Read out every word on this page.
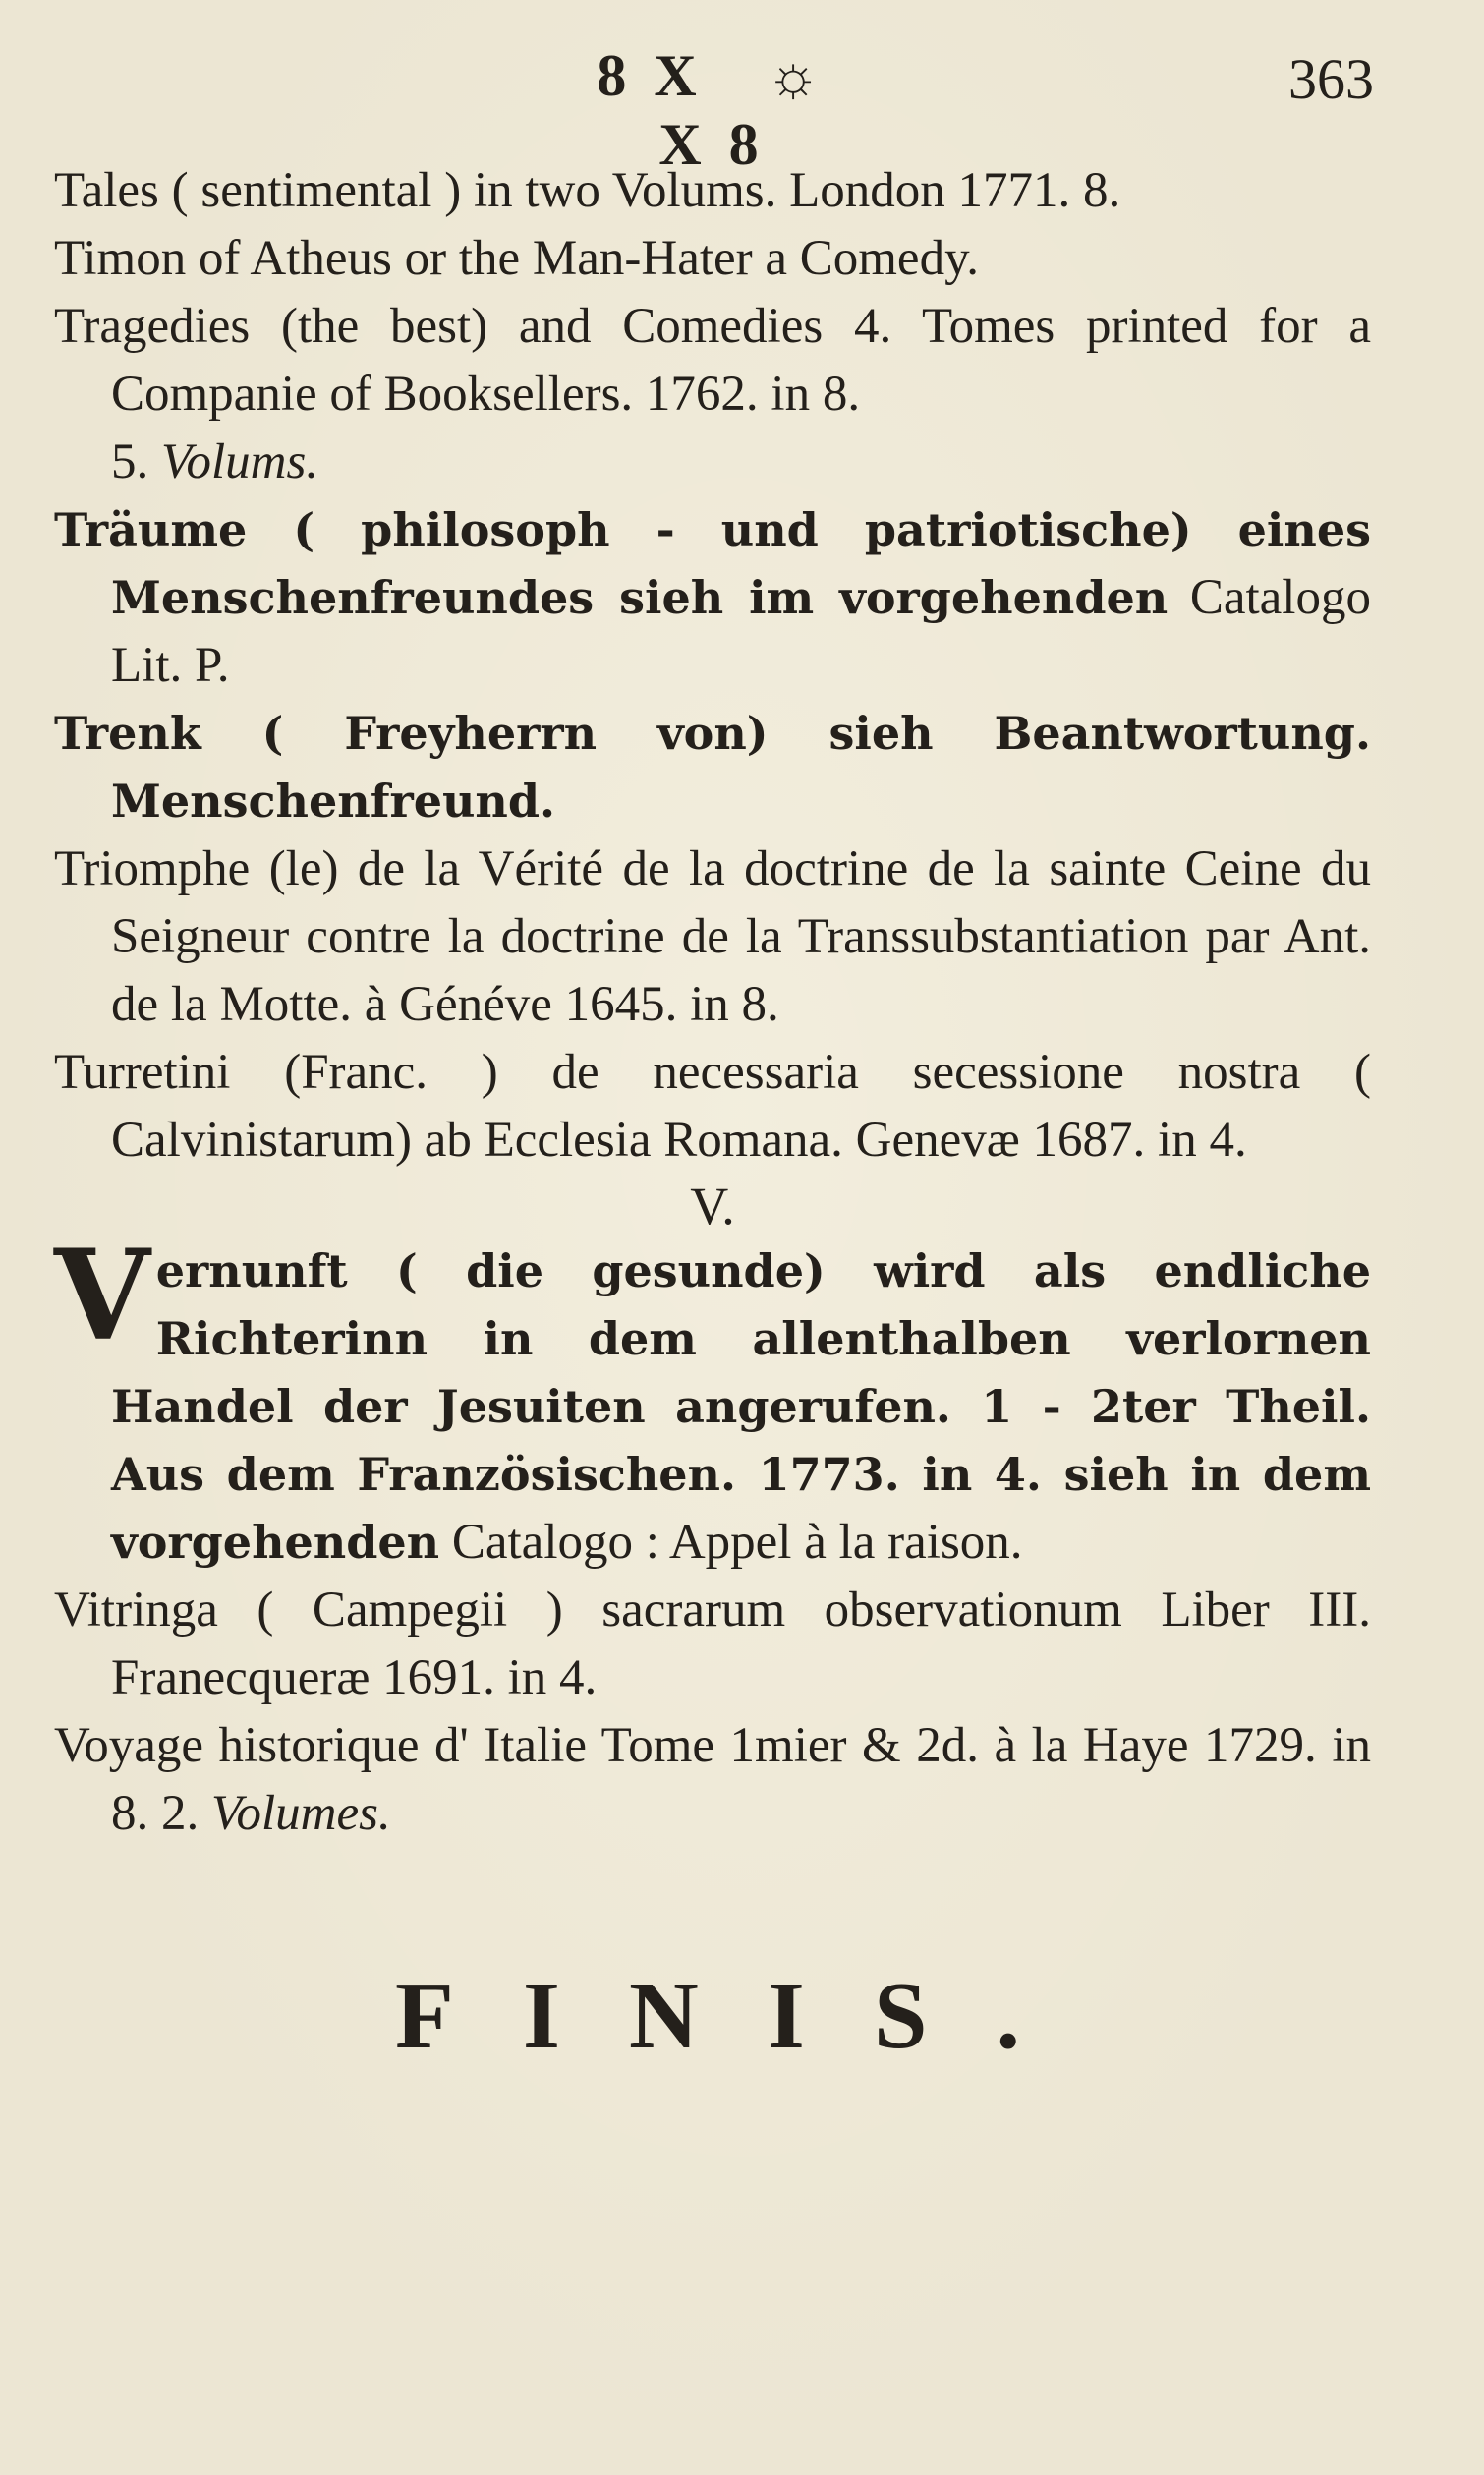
8X ☼ X8
363

Tales ( sentimental ) in two Volums. London 1771. 8.

Timon of Atheus or the Man-Hater a Comedy.

Tragedies (the best) and Comedies 4. Tomes printed for a Companie of Booksellers. 1762. in 8.
5. Volums.

Träume ( philosoph - und patriotische) eines Menschenfreundes sieh im vorgehenden Catalogo Lit. P.

Trenk ( Freyherrn von) sieh Beantwortung. Menschenfreund.

Triomphe (le) de la Vérité de la doctrine de la sainte Ceine du Seigneur contre la doctrine de la Transsubstantiation par Ant. de la Motte. à Généve 1645. in 8.

Turretini (Franc. ) de necessaria secessione nostra ( Calvinistarum) ab Ecclesia Romana. Genevæ 1687. in 4.

V.

Vernunft ( die gesunde) wird als endliche Richterinn in dem allenthalben verlornen Handel der Jesuiten angerufen. 1 - 2ter Theil. Aus dem Französischen. 1773. in 4. sieh in dem vorgehenden Catalogo : Appel à la raison.

Vitringa ( Campegii ) sacrarum observationum Liber III. Franecqueræ 1691. in 4.

Voyage historique d' Italie Tome 1mier & 2d. à la Haye 1729. in 8. 2. Volumes.

FINIS.
